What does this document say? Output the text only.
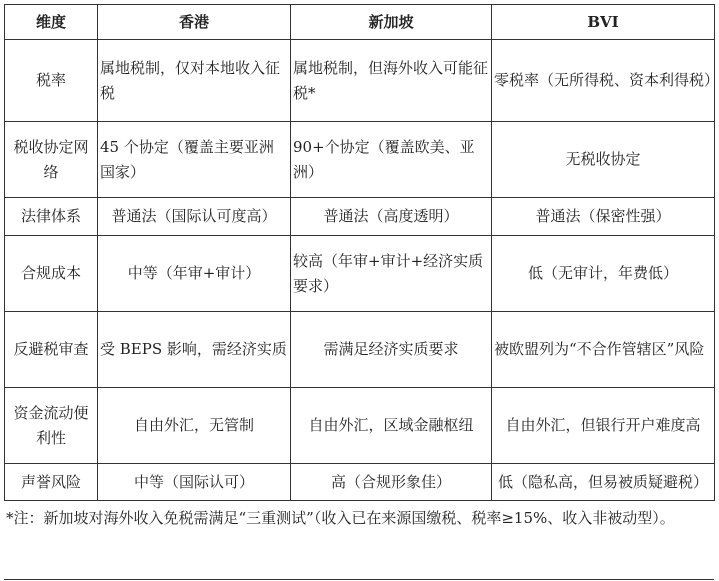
维度	香港	新加坡	BVI
税率	属地税制，仅对本地收入征税	属地税制，但海外收入可能征税*	零税率（无所得税、资本利得税）
税收协定网络	45 个协定（覆盖主要亚洲国家）	90+个协定（覆盖欧美、亚洲）	无税收协定
法律体系	普通法（国际认可度高）	普通法（高度透明）	普通法（保密性强）
合规成本	中等（年审+审计）	较高（年审+审计+经济实质要求）	低（无审计，年费低）
反避税审查	受 BEPS 影响，需经济实质	需满足经济实质要求	被欧盟列为“不合作管辖区”风险
资金流动便利性	自由外汇，无管制	自由外汇，区域金融枢纽	自由外汇，但银行开户难度高
声誉风险	中等（国际认可）	高（合规形象佳）	低（隐私高，但易被质疑避税）
*注：新加坡对海外收入免税需满足“三重测试”（收入已在来源国缴税、税率≥15%、收入非被动型）。
